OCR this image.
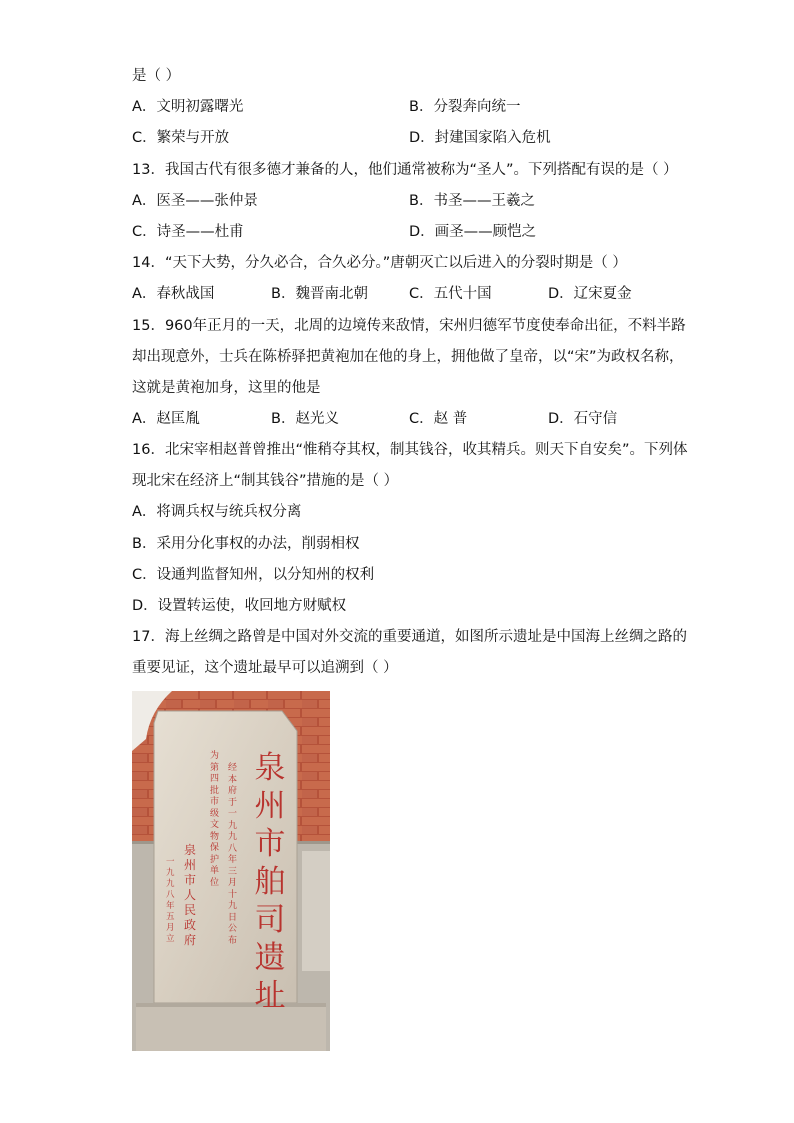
是（ ）
A．文明初露曙光	B．分裂奔向统一
C．繁荣与开放	D．封建国家陷入危机
13．我国古代有很多德才兼备的人，他们通常被称为“圣人”。下列搭配有误的是（ ）
A．医圣——张仲景	B．书圣——王羲之
C．诗圣——杜甫	D．画圣——顾恺之
14．“天下大势，分久必合，合久必分。”唐朝灭亡以后进入的分裂时期是（ ）
A．春秋战国	B．魏晋南北朝	C．五代十国	D．辽宋夏金
15．960年正月的一天，北周的边境传来敌情，宋州归德军节度使奉命出征，不料半路
却出现意外，士兵在陈桥驿把黄袍加在他的身上，拥他做了皇帝，以“宋”为政权名称，
这就是黄袍加身，这里的他是
A．赵匡胤	B．赵光义	C．赵 普	D．石守信
16．北宋宰相赵普曾推出“惟稍夺其权，制其钱谷，收其精兵。则天下自安矣”。下列体
现北宋在经济上“制其钱谷”措施的是（ ）
A．将调兵权与统兵权分离
B．采用分化事权的办法，削弱相权
C．设通判监督知州，以分知州的权利
D．设置转运使，收回地方财赋权
17．海上丝绸之路曾是中国对外交流的重要通道，如图所示遗址是中国海上丝绸之路的
重要见证，这个遗址最早可以追溯到（ ）
泉
州
市
舶
司
遗
址
经本府于一九九八年三月十九日公布
为第四批市级文物保护单位
泉州市人民政府
一九九八年五月立
